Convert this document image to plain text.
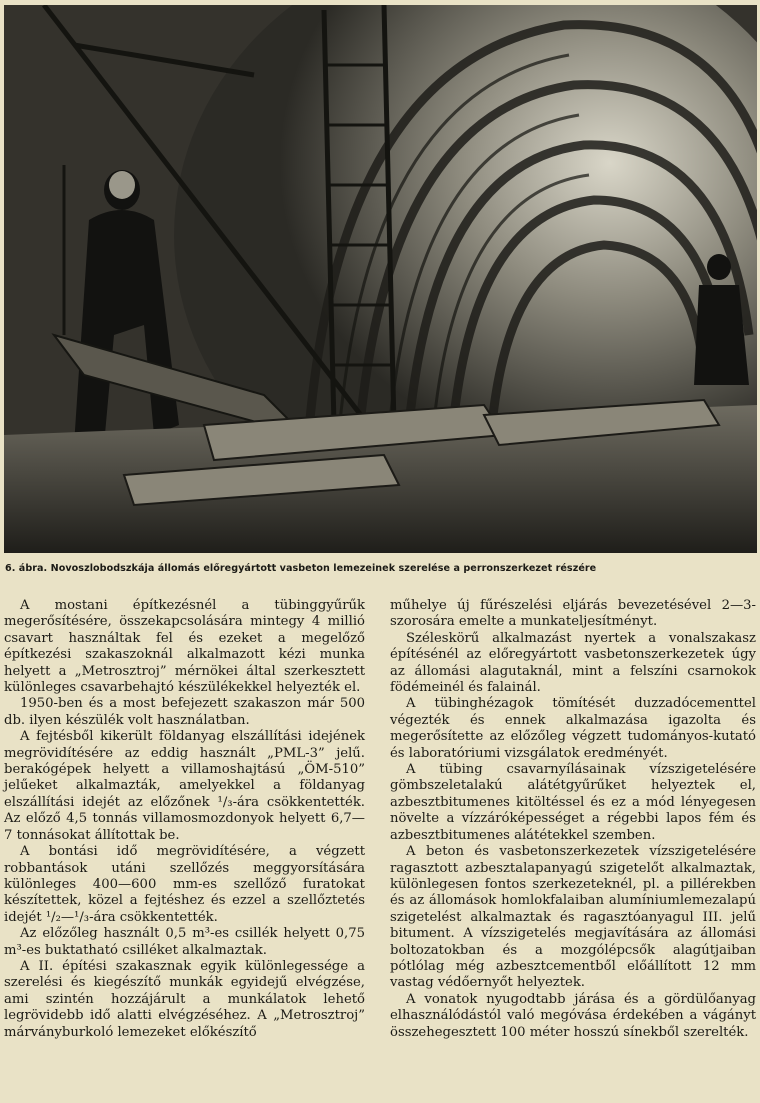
6. ábra. Novoszlobodszkája állomás előregyártott vasbeton lemezeinek szerelése a perronszerkezet részére

A mostani építkezésnél a tübinggyűrűk megerősítésére, összekapcsolására mintegy 4 millió csavart használtak fel és ezeket a megelőző építkezési szakaszoknál alkalmazott kézi munka helyett a „Metrosztroj” mérnökei által szerkesztett különleges csavarbehajtó készülékekkel helyezték el.

1950-ben és a most befejezett szakaszon már 500 db. ilyen készülék volt használatban.

A fejtésből kikerült földanyag elszállítási idejének megrövidítésére az eddig használt „PML-3” jelű. berakógépek helyett a villamoshajtású „ÖM-510” jelűeket alkalmazták, amelyekkel a földanyag elszállítási idejét az előzőnek ¹/₃-ára csökkentették. Az előző 4,5 tonnás villamosmozdonyok helyett 6,7—7 tonnásokat állítottak be.

A bontási idő megrövidítésére, a végzett robbantások utáni szellőzés meggyorsítására különleges 400—600 mm-es szellőző furatokat készítettek, közel a fejtéshez és ezzel a szellőztetés idejét ¹/₂—¹/₃-ára csökkentették.

Az előzőleg használt 0,5 m³-es csillék helyett 0,75 m³-es buktatható csilléket alkalmaztak.

A II. építési szakasznak egyik különlegessége a szerelési és kiegészítő munkák egyidejű elvégzése, ami szintén hozzájárult a munkálatok lehető legrövidebb idő alatti elvégzéséhez. A „Metrosztroj” márványburkoló lemezeket előkészítő

műhelye új fűrészelési eljárás bevezetésével 2—3-szorosára emelte a munkateljesítményt.

Széleskörű alkalmazást nyertek a vonalszakasz építésénél az előregyártott vasbetonszerkezetek úgy az állomási alagutaknál, mint a felszíni csarnokok födémeinél és falainál.

A tübinghézagok tömítését duzzadócementtel végezték és ennek alkalmazása igazolta és megerősítette az előzőleg végzett tudományos-kutató és laboratóriumi vizsgálatok eredményét.

A tübing csavarnyílásainak vízszigetelésére gömbszeletalakú alátétgyűrűket helyeztek el, azbesztbitumenes kitöltéssel és ez a mód lényegesen növelte a vízzáróképességet a régebbi lapos fém és azbesztbitumenes alátétekkel szemben.

A beton és vasbetonszerkezetek vízszigetelésére ragasztott azbesztalapanyagú szigetelőt alkalmaztak, különlegesen fontos szerkezeteknél, pl. a pillérekben és az állomások homlokfalaiban alumíniumlemezalapú szigetelést alkalmaztak és ragasztóanyagul III. jelű bitument. A vízszigetelés megjavítására az állomási boltozatokban és a mozgólépcsők alagútjaiban pótlólag még azbesztcementből előállított 12 mm vastag védőernyőt helyeztek.

A vonatok nyugodtabb járása és a gördülőanyag elhasználódástól való megóvása érdekében a vágányt összehegesztett 100 méter hosszú sínekből szerelték.
